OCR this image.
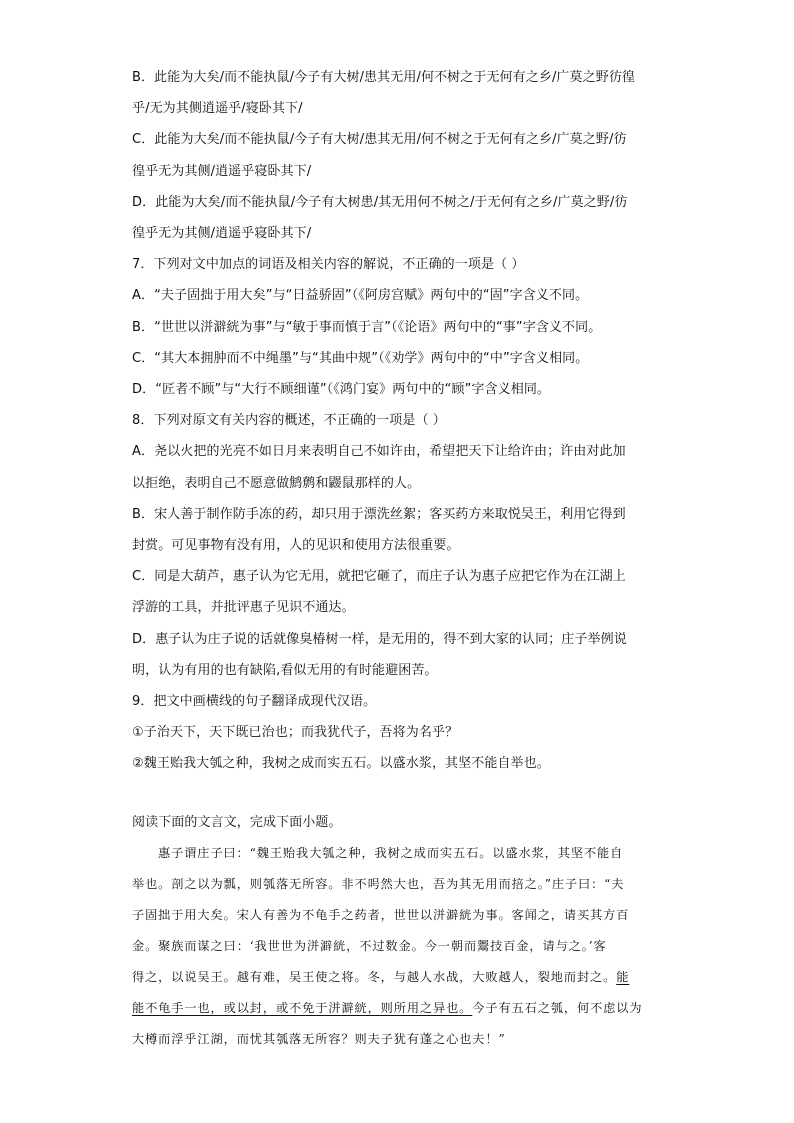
B．此能为大矣/而不能执鼠/今子有大树/患其无用/何不树之于无何有之乡/广莫之野彷徨
乎/无为其侧逍遥乎/寝卧其下/
C．此能为大矣/而不能执鼠/今子有大树/患其无用/何不树之于无何有之乡/广莫之野/彷
徨乎无为其侧/逍遥乎寝卧其下/
D．此能为大矣/而不能执鼠/今子有大树患/其无用何不树之/于无何有之乡/广莫之野/彷
徨乎无为其侧/逍遥乎寝卧其下/
7．下列对文中加点的词语及相关内容的解说，不正确的一项是（ ）
A．“夫子固拙于用大矣”与“日益骄固”（《阿房宫赋》两句中的“固”字含义不同。
B．“世世以洴澼絖为事”与“敏于事而慎于言”（《论语》两句中的“事”字含义不同。
C．“其大本拥肿而不中绳墨”与“其曲中规”（《劝学》两句中的“中”字含义相同。
D．“匠者不顾”与“大行不顾细谨”（《鸿门宴》两句中的“顾”字含义相同。
8．下列对原文有关内容的概述，不正确的一项是（ ）
A．尧以火把的光亮不如日月来表明自己不如许由，希望把天下让给许由；许由对此加
以拒绝，表明自己不愿意做鹪鹩和鼹鼠那样的人。
B．宋人善于制作防手冻的药，却只用于漂洗丝絮；客买药方来取悦吴王，利用它得到
封赏。可见事物有没有用，人的见识和使用方法很重要。
C．同是大葫芦，惠子认为它无用，就把它砸了，而庄子认为惠子应把它作为在江湖上
浮游的工具，并批评惠子见识不通达。
D．惠子认为庄子说的话就像臭椿树一样，是无用的，得不到大家的认同；庄子举例说
明，认为有用的也有缺陷,看似无用的有时能避困苦。
9．把文中画横线的句子翻译成现代汉语。
①子治天下，天下既已治也；而我犹代子，吾将为名乎？
②魏王贻我大瓠之种，我树之成而实五石。以盛水浆，其坚不能自举也。
阅读下面的文言文，完成下面小题。
惠子谓庄子曰：“魏王贻我大瓠之种，我树之成而实五石。以盛水浆，其坚不能自
举也。剖之以为瓢，则瓠落无所容。非不呺然大也，吾为其无用而掊之。”庄子曰：“夫
子固拙于用大矣。宋人有善为不龟手之药者，世世以洴澼絖为事。客闻之，请买其方百
金。聚族而谋之曰：‘我世世为洴澼絖，不过数金。今一朝而鬻技百金，请与之。’客
得之，以说吴王。越有难，吴王使之将。冬，与越人水战，大败越人，裂地而封之。能
能不龟手一也，或以封，或不免于洴澼絖，则所用之异也。今子有五石之瓠，何不虑以为
大樽而浮乎江湖，而忧其瓠落无所容？则夫子犹有蓬之心也夫！”
